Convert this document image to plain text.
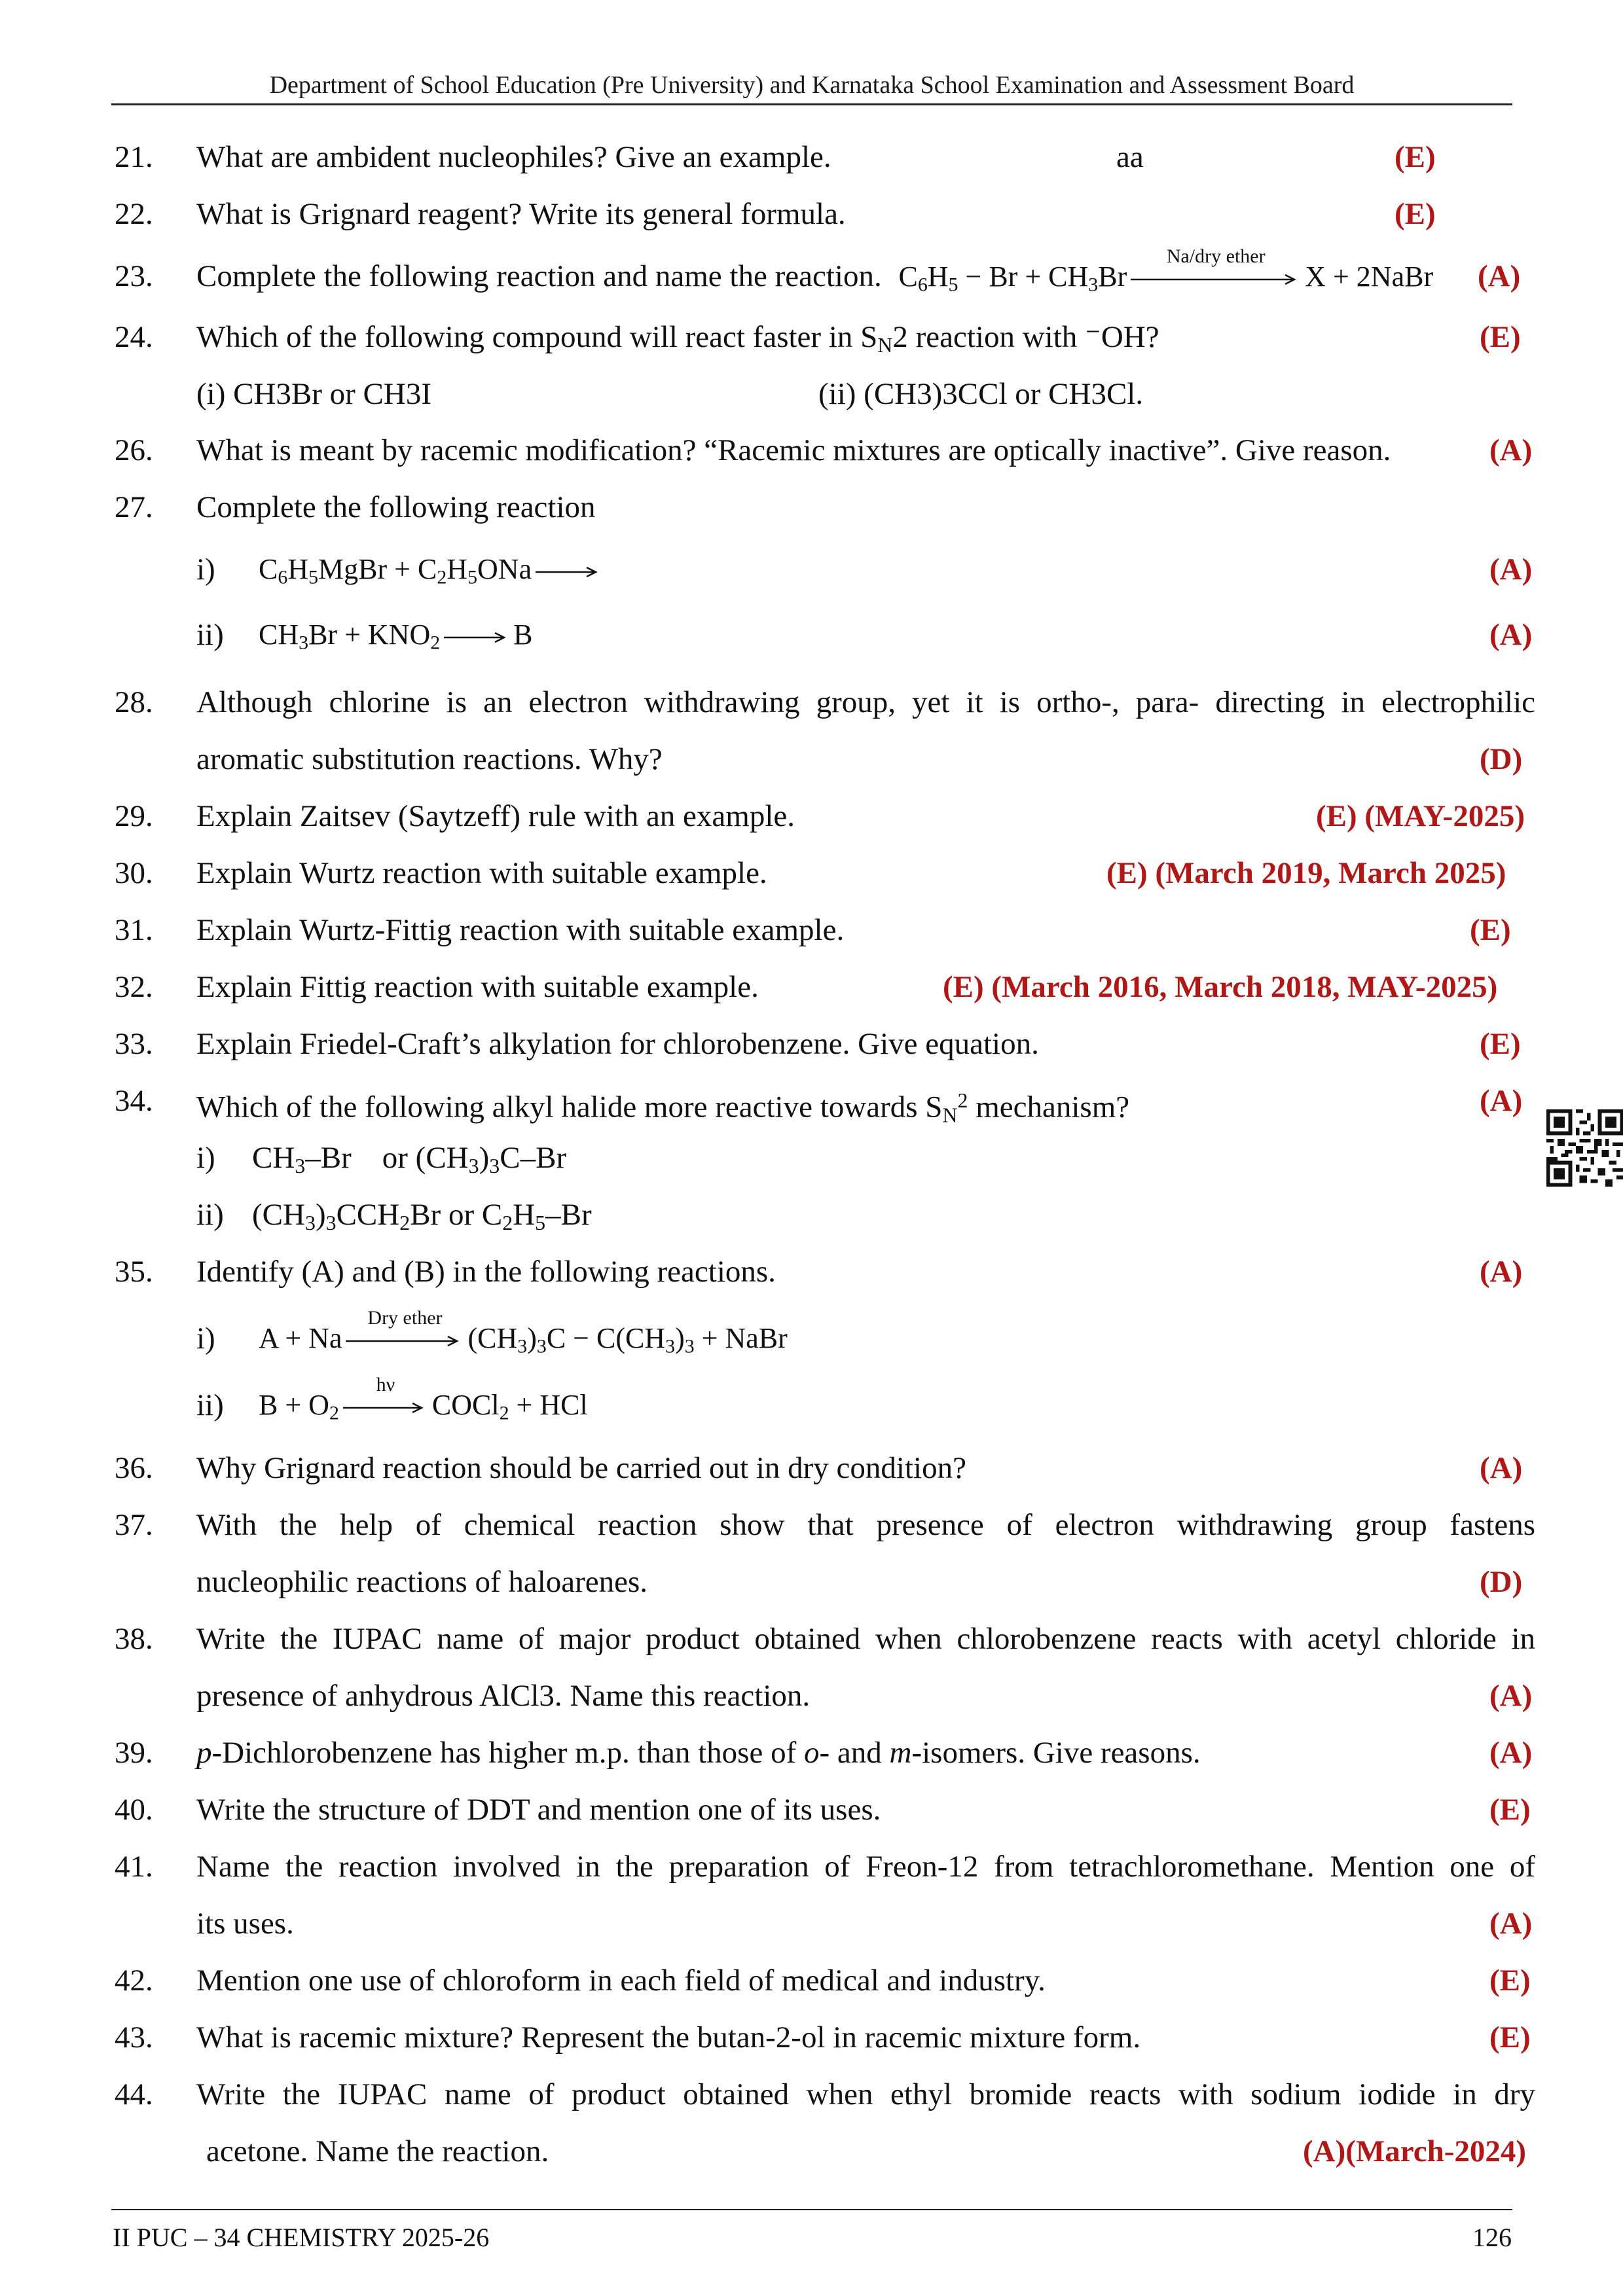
Department of School Education (Pre University) and Karnataka School Examination and Assessment Board
21. What are ambident nucleophiles? Give an example.	aa	(E)
22. What is Grignard reagent? Write its general formula.	(E)
23. Complete the following reaction and name the reaction. $C_6H_5 - Br + CH_3Br$
Na/dry ether
X + 2NaBr (A)
24. Which of the following compound will react faster in $S_N2$ reaction with ⁻OH?	(E)
(i) CH3Br or CH3I	(ii) (CH3)3CCl or CH3Cl.
26. What is meant by racemic modification? “Racemic mixtures are optically inactive”. Give reason.	(A)
27. Complete the following reaction
i) $C_6H_5MgBr + C_2H_5ONa$ →	(A)
ii) $CH_3Br + KNO_2 \to B$	(A)
28. Although chlorine is an electron withdrawing group, yet it is ortho-, para- directing in electrophilic
aromatic substitution reactions. Why?	(D)
29. Explain Zaitsev (Saytzeff) rule with an example.	(E) (MAY-2025)
30. Explain Wurtz reaction with suitable example.	(E) (March 2019, March 2025)
31. Explain Wurtz-Fittig reaction with suitable example.	(E)
32. Explain Fittig reaction with suitable example.	(E) (March 2016, March 2018, MAY-2025)
33. Explain Friedel-Craft’s alkylation for chlorobenzene. Give equation.	(E)
34. Which of the following alkyl halide more reactive towards $S_N^2$ mechanism?	(A)
i) $CH_3-Br$    or $(CH_3)_3C-Br$
ii) $(CH_3)_3CCH_2Br$ or $C_2H_5-Br$
35. Identify (A) and (B) in the following reactions.	(A)
i) A + Na
Dry ether
$(CH_3)_3C - C(CH_3)_3$ + NaBr
ii) $B + O_2$
hν
COCl$_2$ + HCl
36. Why Grignard reaction should be carried out in dry condition?	(A)
37. With the help of chemical reaction show that presence of electron withdrawing group fastens
nucleophilic reactions of haloarenes.	(D)
38. Write the IUPAC name of major product obtained when chlorobenzene reacts with acetyl chloride in
presence of anhydrous AlCl3. Name this reaction.	(A)
39. p-Dichlorobenzene has higher m.p. than those of o- and m-isomers. Give reasons.	(A)
40. Write the structure of DDT and mention one of its uses.	(E)
41. Name the reaction involved in the preparation of Freon-12 from tetrachloromethane. Mention one of
its uses.	(A)
42. Mention one use of chloroform in each field of medical and industry.	(E)
43. What is racemic mixture? Represent the butan-2-ol in racemic mixture form.	(E)
44. Write the IUPAC name of product obtained when ethyl bromide reacts with sodium iodide in dry
acetone. Name the reaction.	(A)(March-2024)
II PUC – 34 CHEMISTRY 2025-26	126
